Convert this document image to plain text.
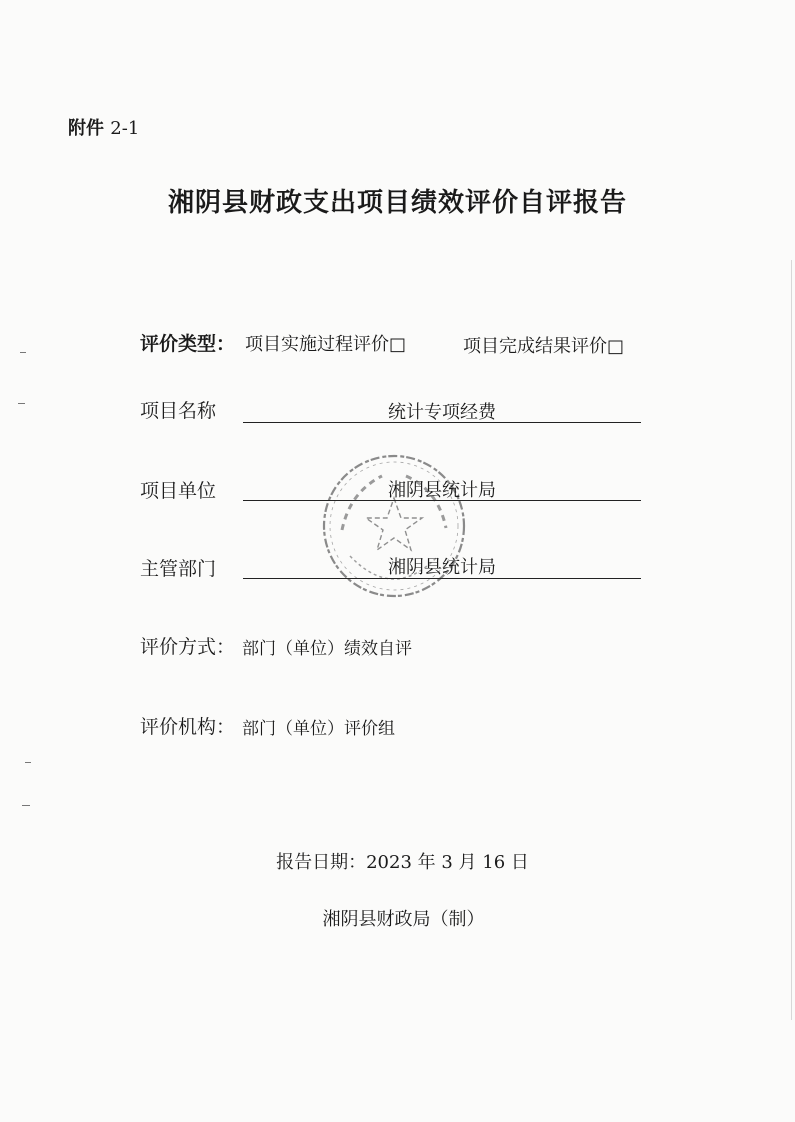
附件 2-1
湘阴县财政支出项目绩效评价自评报告
评价类型： 项目实施过程评价□	项目完成结果评价□
项目名称	统计专项经费
项目单位	湘阴县统计局
主管部门	湘阴县统计局
评价方式： 部门（单位）绩效自评
评价机构： 部门（单位）评价组
报告日期：2023 年 3 月 16 日
湘阴县财政局（制）
